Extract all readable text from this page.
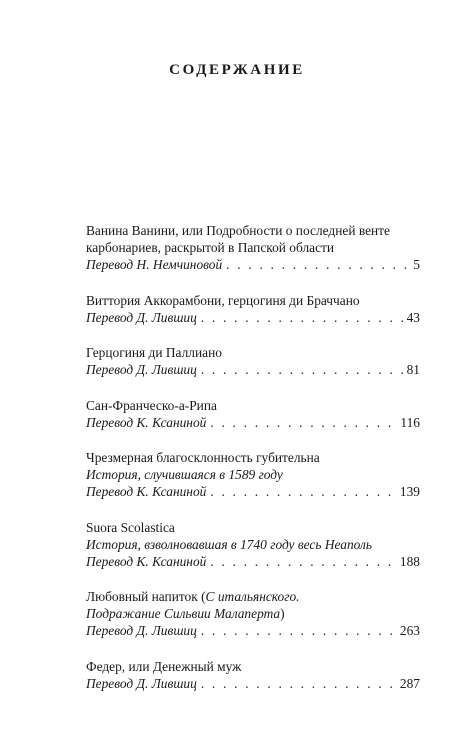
СОДЕРЖАНИЕ
Ванина Ванини, или Подробности о последней венте
карбонариев, раскрытой в Папской области
Перевод Н. Немчиновой . . .	5
Виттория Аккорамбони, герцогиня ди Браччано
Перевод Д. Лившиц . . .	43
Герцогиня ди Паллиано
Перевод Д. Лившиц . . .	81
Сан-Франческо-а-Рипа
Перевод К. Ксаниной . . .	116
Чрезмерная благосклонность губительна
История, случившаяся в 1589 году
Перевод К. Ксаниной . . .	139
Suora Scolastica
История, взволновавшая в 1740 году весь Неаполь
Перевод К. Ксаниной . . .	188
Любовный напиток (С итальянского.
Подражание Сильвии Малаперта)
Перевод Д. Лившиц . . .	263
Федер, или Денежный муж
Перевод Д. Лившиц . . .	287
